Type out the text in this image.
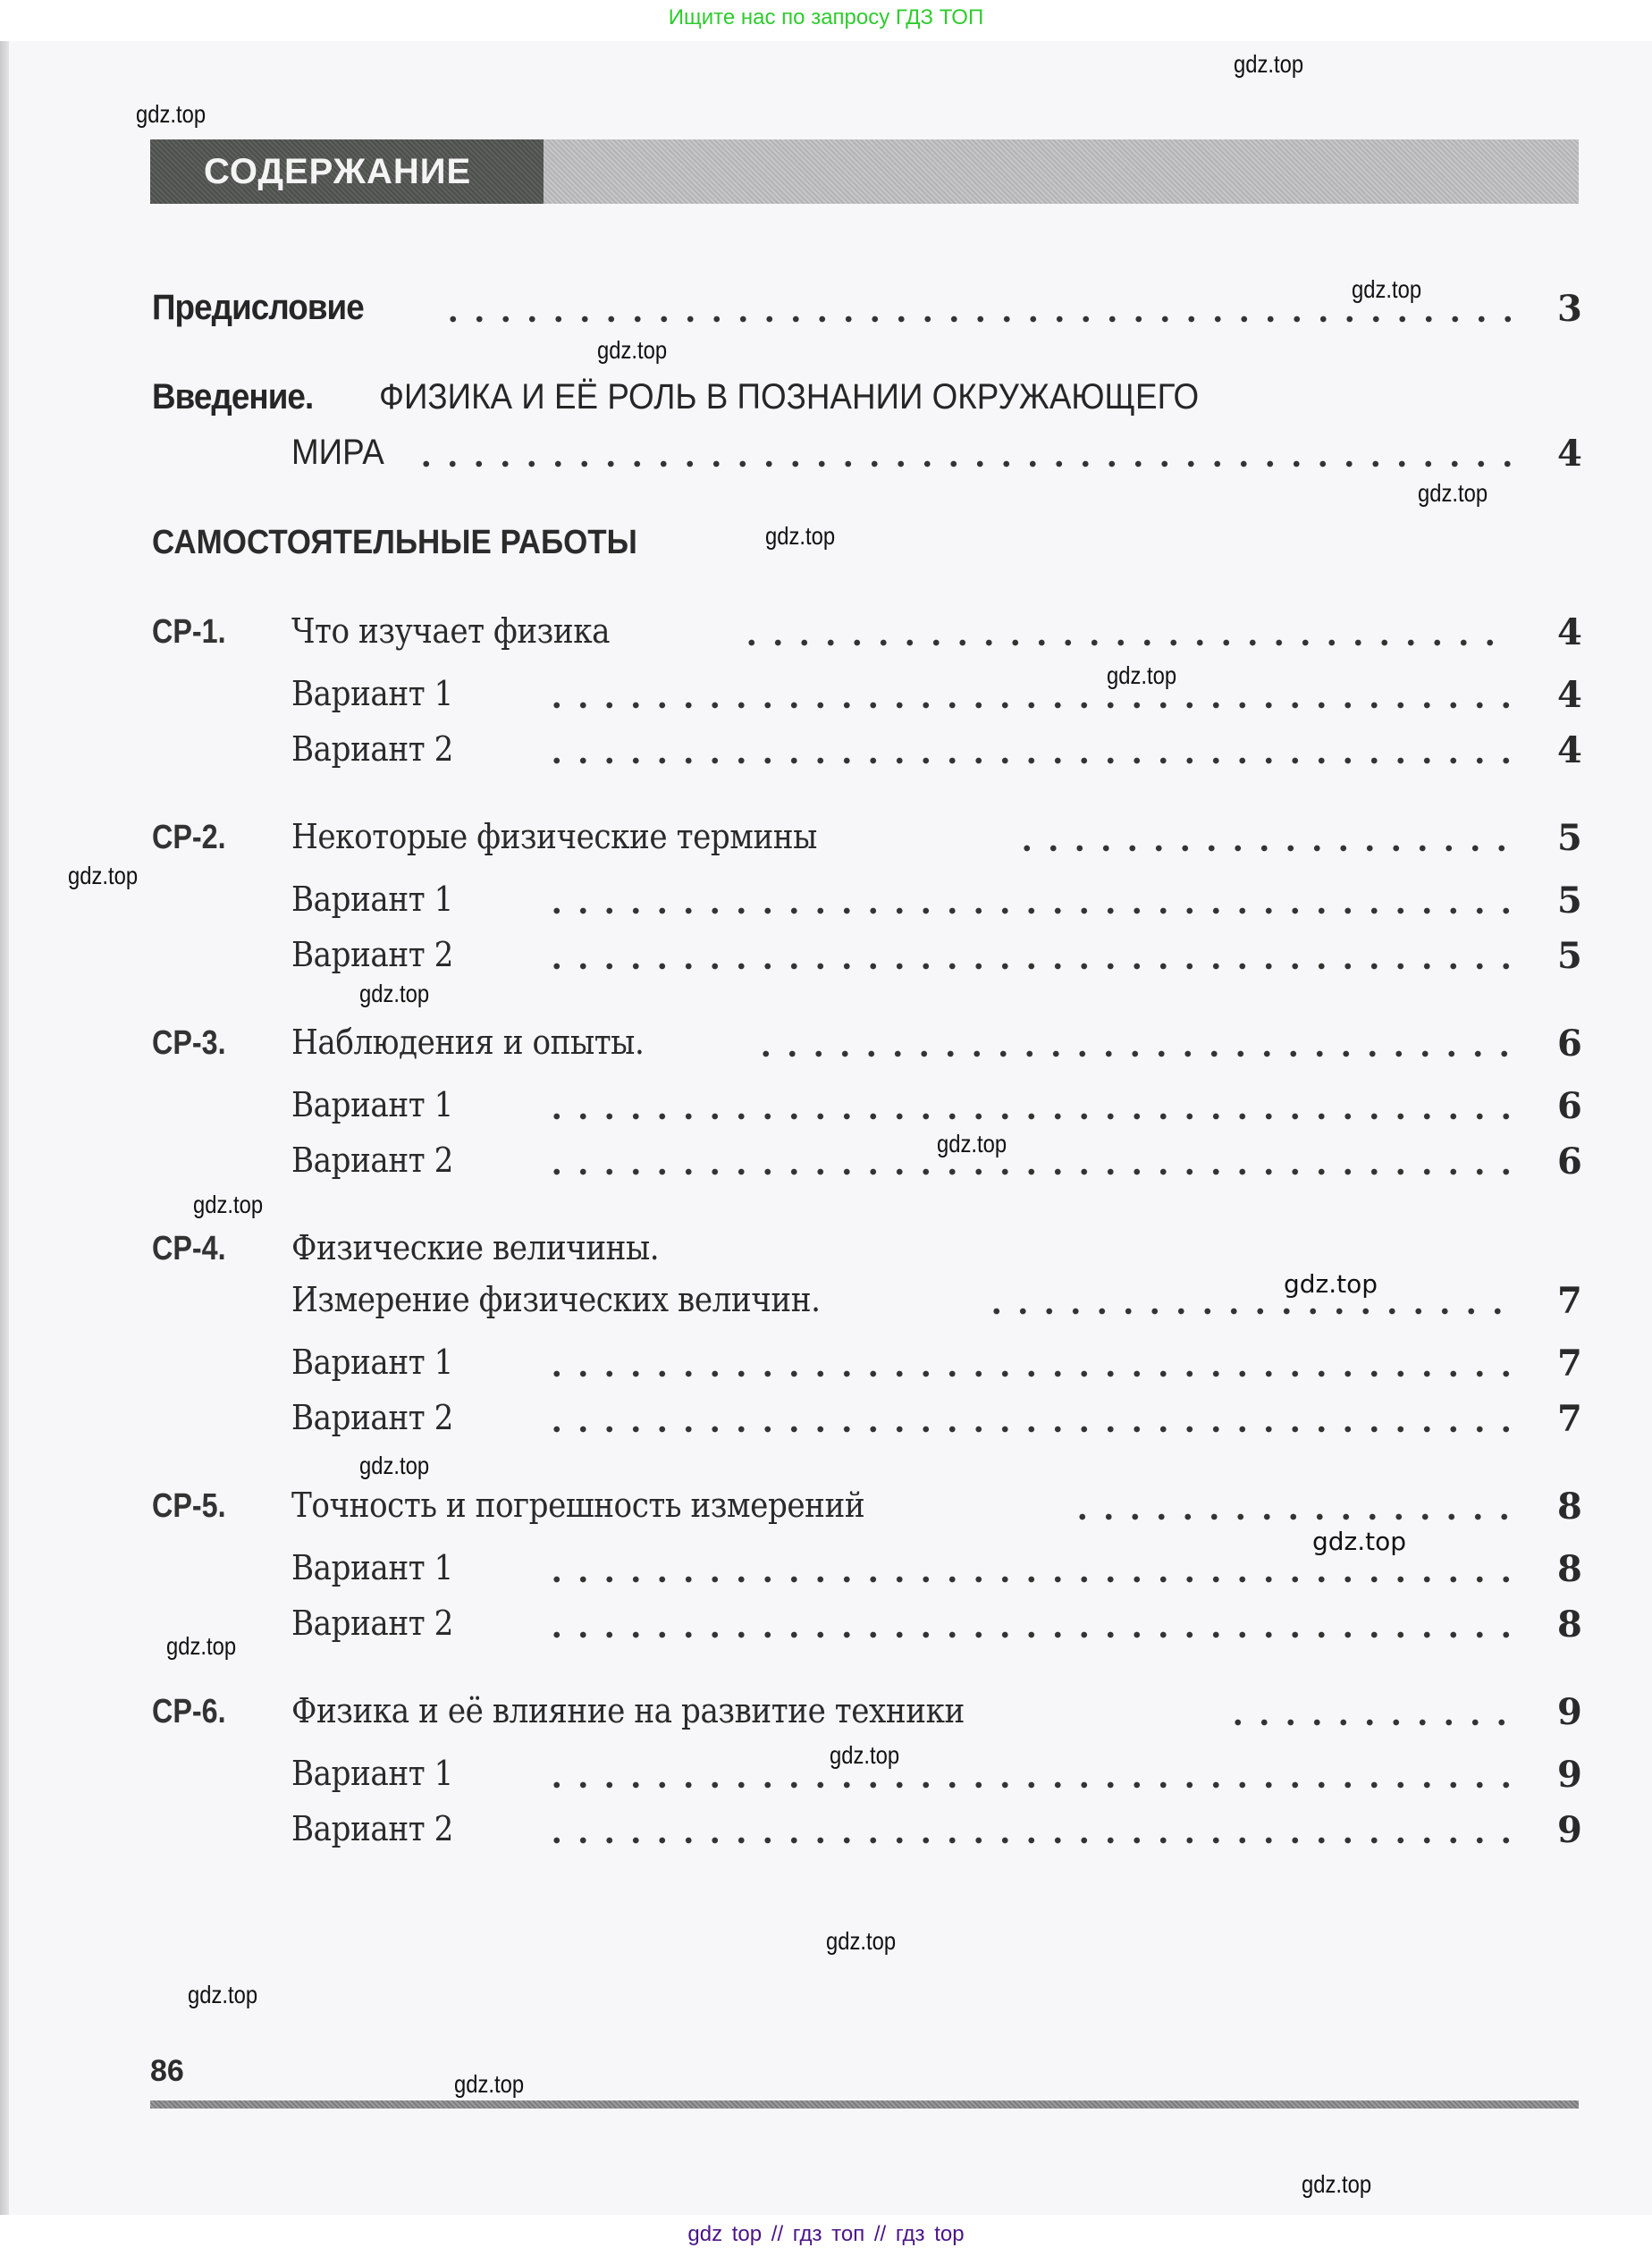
Ищите нас по запросу ГДЗ ТОП
СОДЕРЖАНИЕ
Предисловие	3
Введение.	ФИЗИКА И ЕЁ РОЛЬ В ПОЗНАНИИ ОКРУЖАЮЩЕГО
МИРА	4
САМОСТОЯТЕЛЬНЫЕ РАБОТЫ
СР-1. Что изучает физика	4
Вариант 1	4
Вариант 2	4
СР-2. Некоторые физические термины	5
Вариант 1	5
Вариант 2	5
СР-3. Наблюдения и опыты.	6
Вариант 1	6
Вариант 2	6
СР-4. Физические величины.
Измерение физических величин.	7
Вариант 1	7
Вариант 2	7
СР-5. Точность и погрешность измерений	8
Вариант 1	8
Вариант 2	8
СР-6. Физика и её влияние на развитие техники	9
Вариант 1	9
Вариант 2	9
86
gdz.top
gdz.top
gdz.top
gdz.top
gdz.top
gdz.top
gdz.top
gdz.top
gdz.top
gdz.top
gdz.top
gdz.top
gdz.top
gdz.top
gdz.top
gdz.top
gdz.top
gdz.top
gdz.top
gdz.top
gdz top // гдз топ // гдз top
